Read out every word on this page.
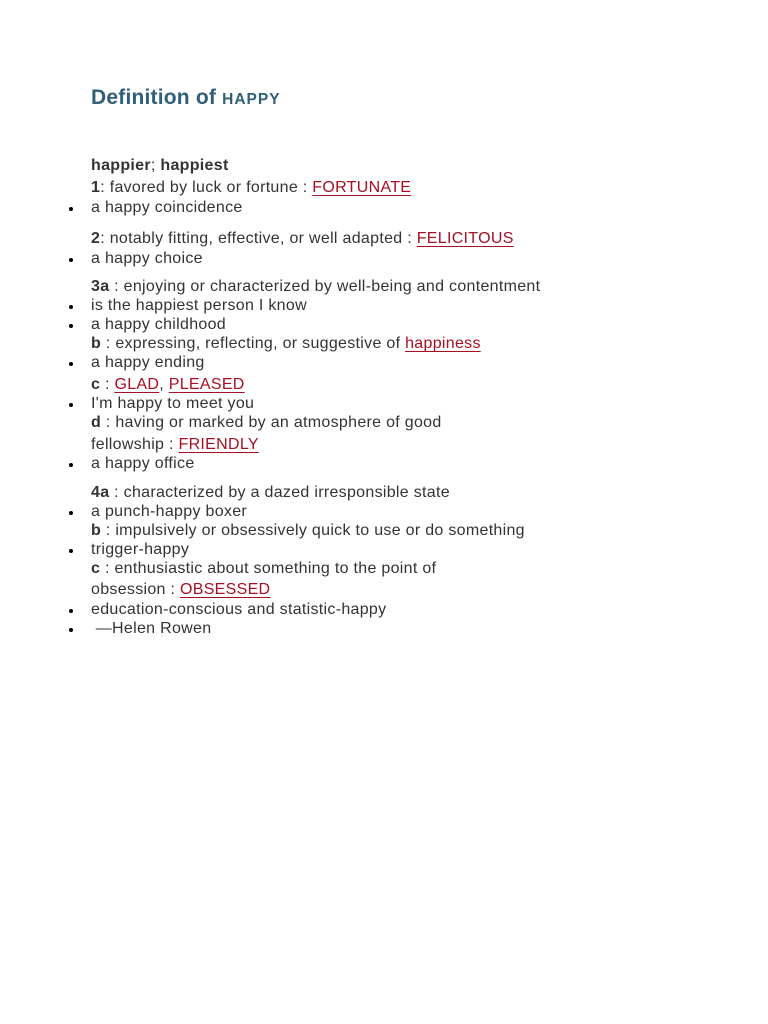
Definition of HAPPY
happier; happiest
1: favored by luck or fortune : FORTUNATE
a happy coincidence
2: notably fitting, effective, or well adapted : FELICITOUS
a happy choice
3a : enjoying or characterized by well-being and contentment
is the happiest person I know
a happy childhood
b : expressing, reflecting, or suggestive of happiness
a happy ending
c : GLAD, PLEASED
I'm happy to meet you
d : having or marked by an atmosphere of good
fellowship : FRIENDLY
a happy office
4a : characterized by a dazed irresponsible state
a punch-happy boxer
b : impulsively or obsessively quick to use or do something
trigger-happy
c : enthusiastic about something to the point of
obsession : OBSESSED
education-conscious and statistic-happy
—Helen Rowen
